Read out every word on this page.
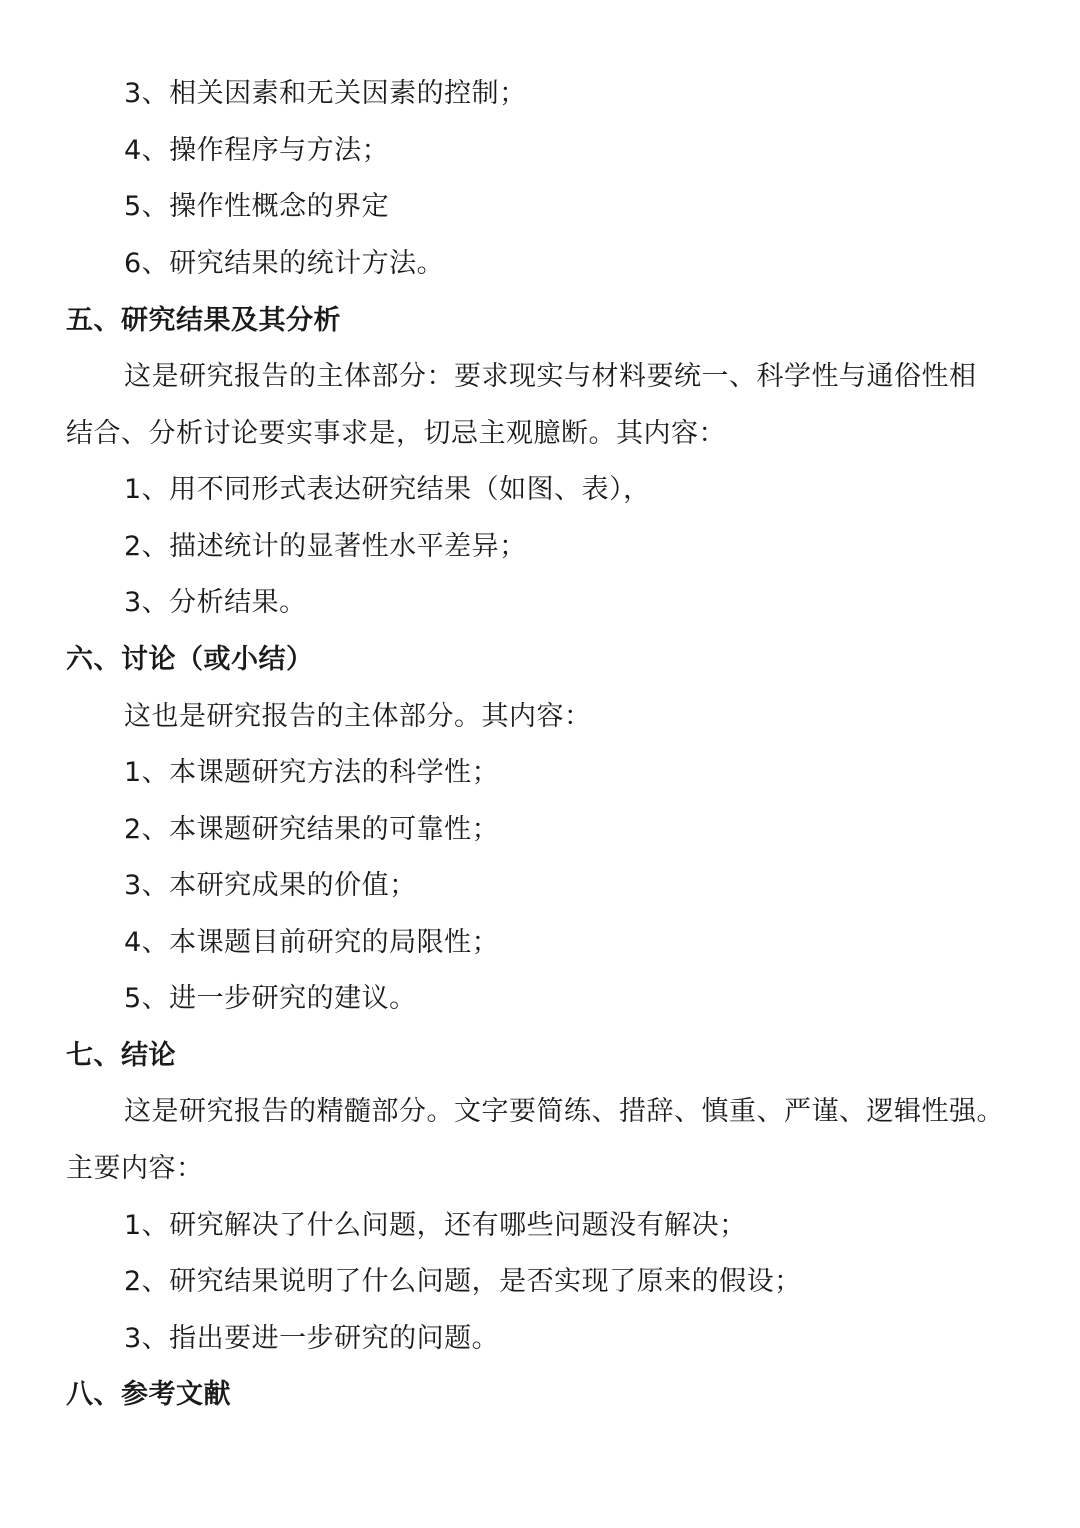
3、相关因素和无关因素的控制；
4、操作程序与方法；
5、操作性概念的界定
6、研究结果的统计方法。
五、研究结果及其分析
这是研究报告的主体部分：要求现实与材料要统一、科学性与通俗性相
结合、分析讨论要实事求是，切忌主观臆断。其内容：
1、用不同形式表达研究结果（如图、表），
2、描述统计的显著性水平差异；
3、分析结果。
六、讨论（或小结）
这也是研究报告的主体部分。其内容：
1、本课题研究方法的科学性；
2、本课题研究结果的可靠性；
3、本研究成果的价值；
4、本课题目前研究的局限性；
5、进一步研究的建议。
七、结论
这是研究报告的精髓部分。文字要简练、措辞、慎重、严谨、逻辑性强。
主要内容：
1、研究解决了什么问题，还有哪些问题没有解决；
2、研究结果说明了什么问题，是否实现了原来的假设；
3、指出要进一步研究的问题。
八、参考文献
